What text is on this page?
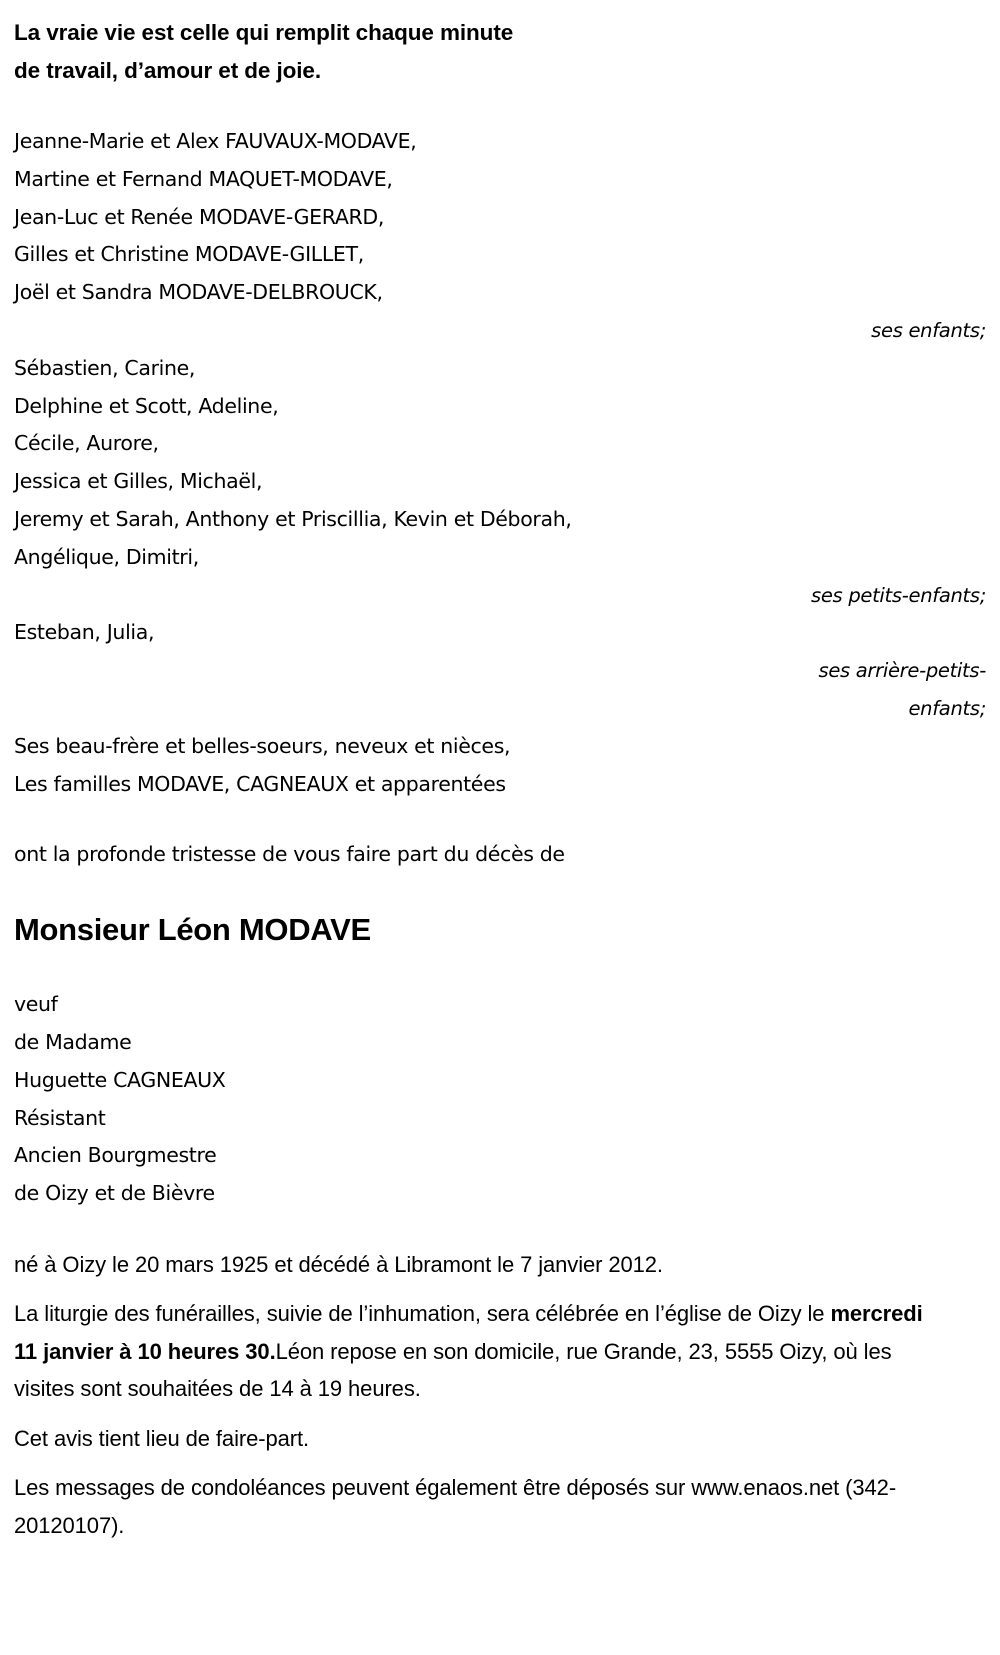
La vraie vie est celle qui remplit chaque minute
de travail, d’amour et de joie.
Jeanne-Marie et Alex FAUVAUX-MODAVE,
Martine et Fernand MAQUET-MODAVE,
Jean-Luc et Renée MODAVE-GERARD,
Gilles et Christine MODAVE-GILLET,
Joël et Sandra MODAVE-DELBROUCK,
ses enfants;
Sébastien, Carine,
Delphine et Scott, Adeline,
Cécile, Aurore,
Jessica et Gilles, Michaël,
Jeremy et Sarah, Anthony et Priscillia, Kevin et Déborah,
Angélique, Dimitri,
ses petits-enfants;
Esteban, Julia,
ses arrière-petits-
enfants;
Ses beau-frère et belles-soeurs, neveux et nièces,
Les familles MODAVE, CAGNEAUX et apparentées
ont la profonde tristesse de vous faire part du décès de
Monsieur Léon MODAVE
veuf
de Madame
Huguette CAGNEAUX
Résistant
Ancien Bourgmestre
de Oizy et de Bièvre

né à Oizy le 20 mars 1925 et décédé à Libramont le 7 janvier 2012.

La liturgie des funérailles, suivie de l’inhumation, sera célébrée en l’église de Oizy le mercredi 11 janvier à 10 heures 30.Léon repose en son domicile, rue Grande, 23, 5555 Oizy, où les visites sont souhaitées de 14 à 19 heures.

Cet avis tient lieu de faire-part.

Les messages de condoléances peuvent également être déposés sur www.enaos.net (342-20120107).
